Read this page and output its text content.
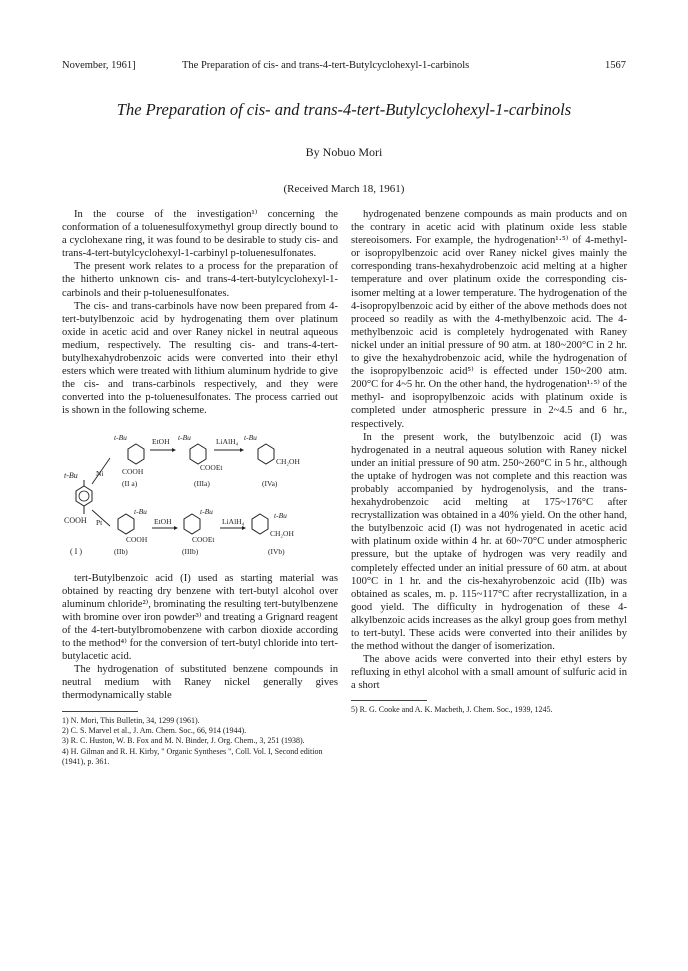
November, 1961]	The Preparation of cis- and trans-4-tert-Butylcyclohexyl-1-carbinols	1567
The Preparation of cis- and trans-4-tert-Butylcyclohexyl-1-carbinols
By Nobuo Mori
(Received March 18, 1961)

In the course of the investigation¹⁾ concerning the conformation of a toluenesulfoxymethyl group directly bound to a cyclohexane ring, it was found to be desirable to study cis- and trans-4-tert-butylcyclohexyl-1-carbinyl p-toluenesulfonates.

The present work relates to a process for the preparation of the hitherto unknown cis- and trans-4-tert-butylcyclohexyl-1-carbinols and their p-toluenesulfonates.

The cis- and trans-carbinols have now been prepared from 4-tert-butylbenzoic acid by hydrogenating them over platinum oxide in acetic acid and over Raney nickel in neutral aqueous medium, respectively. The resulting cis- and trans-4-tert-butylhexahydrobenzoic acids were converted into their ethyl esters which were treated with lithium aluminum hydride to give the cis- and trans-carbinols respectively, and they were converted into the p-toluenesulfonates. The process carried out is shown in the following scheme.

t-Bu
COOH
( I )
Ni
Pt
t-Bu
COOH
(II a)
EtOH t-Bu
COOEt
(IIIa)
LiAlH₄ t-Bu
CH₂OH
(IVa)
t-Bu
COOH
(IIb)
EtOH
t-Bu
COOEt
(IIIb)
LiAlH₄
t-Bu
CH₂OH
(IVb)

tert-Butylbenzoic acid (I) used as starting material was obtained by reacting dry benzene with tert-butyl alcohol over aluminum chloride²⁾, brominating the resulting tert-butylbenzene with bromine over iron powder³⁾ and treating a Grignard reagent of the 4-tert-butylbromobenzene with carbon dioxide according to the method⁴⁾ for the conversion of tert-butyl chloride into tert-butylacetic acid.

The hydrogenation of substituted benzene compounds in neutral medium with Raney nickel generally gives thermodynamically stable

1) N. Mori, This Bulletin, 34, 1299 (1961).
2) C. S. Marvel et al., J. Am. Chem. Soc., 66, 914 (1944).
3) R. C. Huston, W. B. Fox and M. N. Binder, J. Org. Chem., 3, 251 (1938).
4) H. Gilman and R. H. Kirby, " Organic Syntheses ", Coll. Vol. I, Second edition (1941), p. 361.

hydrogenated benzene compounds as main products and on the contrary in acetic acid with platinum oxide less stable stereoisomers. For example, the hydrogenation¹·⁵⁾ of 4-methyl- or isopropylbenzoic acid over Raney nickel gives mainly the corresponding trans-hexahydrobenzoic acid melting at a higher temperature and over platinum oxide the corresponding cis-isomer melting at a lower temperature. The hydrogenation of the 4-isopropylbenzoic acid by either of the above methods does not proceed so readily as with the 4-methylbenzoic acid. The 4-methylbenzoic acid is completely hydrogenated with Raney nickel under an initial pressure of 90 atm. at 180~200°C in 2 hr. to give the hexahydrobenzoic acid, while the hydrogenation of the isopropylbenzoic acid⁵⁾ is effected under 150~200 atm. 200°C for 4~5 hr. On the other hand, the hydrogenation¹·⁵⁾ of the methyl- and isopropylbenzoic acids with platinum oxide is completed under atmospheric pressure in 2~4.5 and 6 hr., respectively.

In the present work, the butylbenzoic acid (I) was hydrogenated in a neutral aqueous solution with Raney nickel under an initial pressure of 90 atm. 250~260°C in 5 hr., although the uptake of hydrogen was not complete and this reaction was probably accompanied by hydrogenolysis, and the trans-hexahydrobenzoic acid melting at 175~176°C after recrystallization was obtained in a 40% yield. On the other hand, the butylbenzoic acid (I) was not hydrogenated in acetic acid with platinum oxide within 4 hr. at 60~70°C under atmospheric pressure, but the uptake of hydrogen was very readily and completely effected under an initial pressure of 60 atm. at about 100°C in 1 hr. and the cis-hexahyrobenzoic acid (IIb) was obtained as scales, m. p. 115~117°C after recrystallization, in a good yield. The difficulty in hydrogenation of these 4-alkylbenzoic acids increases as the alkyl group goes from methyl to tert-butyl. These acids were converted into their anilides by the method without the danger of isomerization.

The above acids were converted into their ethyl esters by refluxing in ethyl alcohol with a small amount of sulfuric acid in a short

5) R. G. Cooke and A. K. Macbeth, J. Chem. Soc., 1939, 1245.
